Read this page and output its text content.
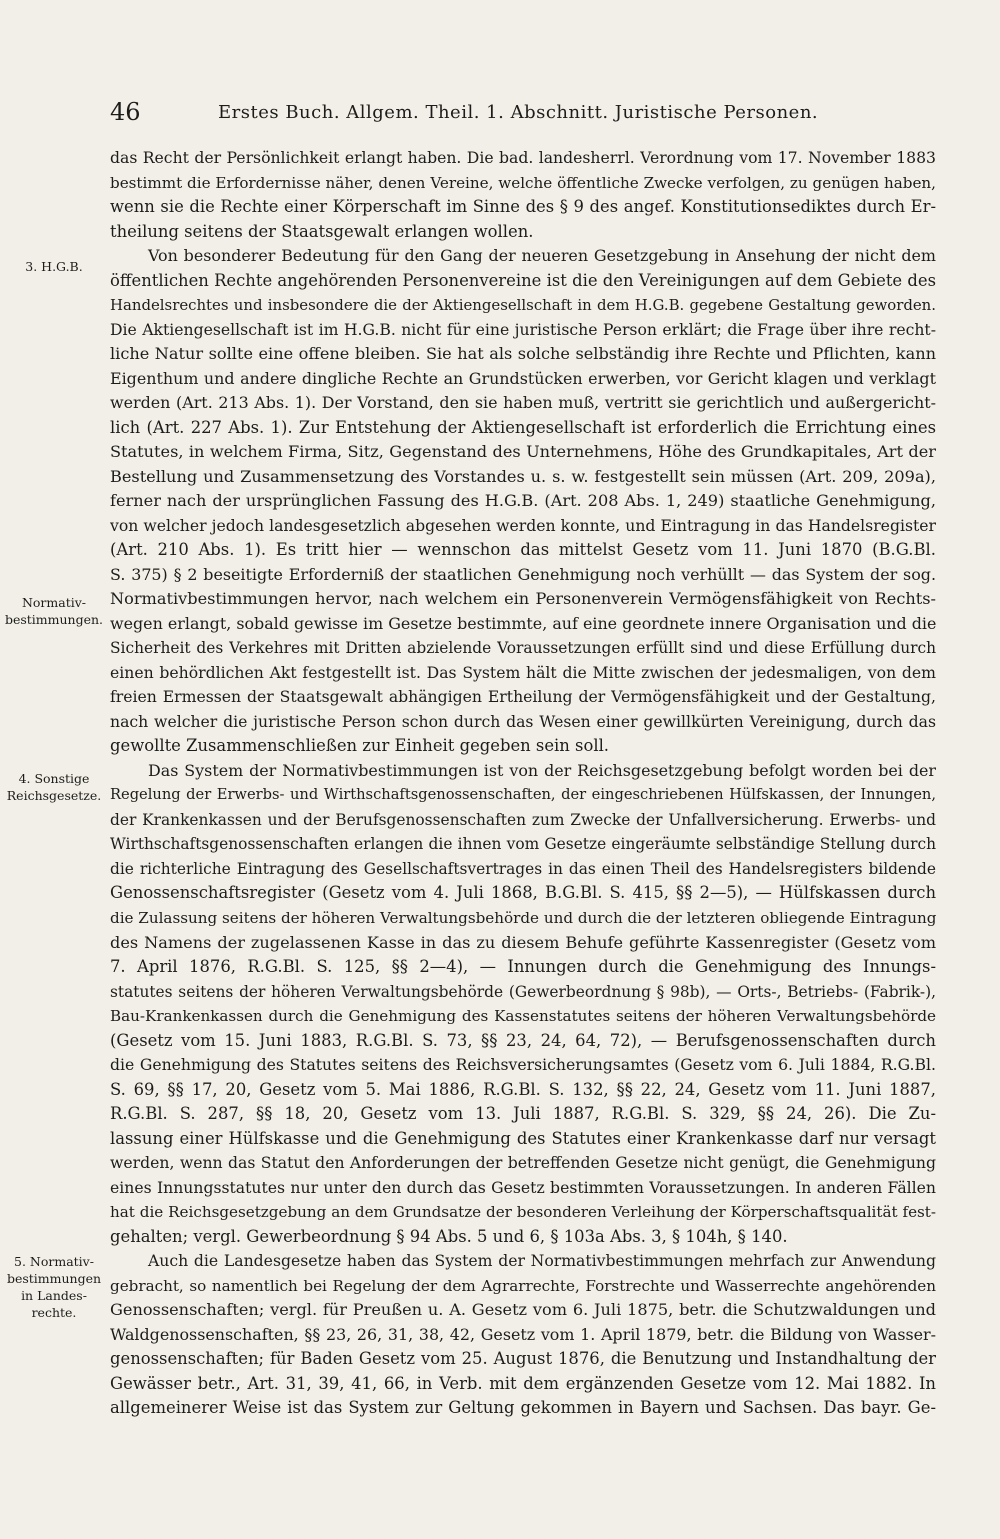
46	Erstes Buch. Allgem. Theil. 1. Abschnitt. Juristische Personen.
3. H.G.B.
Normativ-bestimmungen.
4. Sonstige Reichsgesetze.
5. Normativ-bestimmungen in Landes-rechte.
das Recht der Persönlichkeit erlangt haben. Die bad. landesherrl. Verordnung vom 17. November 1883
bestimmt die Erfordernisse näher, denen Vereine, welche öffentliche Zwecke verfolgen, zu genügen haben,
wenn sie die Rechte einer Körperschaft im Sinne des § 9 des angef. Konstitutionsediktes durch Er-
theilung seitens der Staatsgewalt erlangen wollen.
Von besonderer Bedeutung für den Gang der neueren Gesetzgebung in Ansehung der nicht dem
öffentlichen Rechte angehörenden Personenvereine ist die den Vereinigungen auf dem Gebiete des
Handelsrechtes und insbesondere die der Aktiengesellschaft in dem H.G.B. gegebene Gestaltung geworden.
Die Aktiengesellschaft ist im H.G.B. nicht für eine juristische Person erklärt; die Frage über ihre recht-
liche Natur sollte eine offene bleiben. Sie hat als solche selbständig ihre Rechte und Pflichten, kann
Eigenthum und andere dingliche Rechte an Grundstücken erwerben, vor Gericht klagen und verklagt
werden (Art. 213 Abs. 1). Der Vorstand, den sie haben muß, vertritt sie gerichtlich und außergericht-
lich (Art. 227 Abs. 1). Zur Entstehung der Aktiengesellschaft ist erforderlich die Errichtung eines
Statutes, in welchem Firma, Sitz, Gegenstand des Unternehmens, Höhe des Grundkapitales, Art der
Bestellung und Zusammensetzung des Vorstandes u. s. w. festgestellt sein müssen (Art. 209, 209a),
ferner nach der ursprünglichen Fassung des H.G.B. (Art. 208 Abs. 1, 249) staatliche Genehmigung,
von welcher jedoch landesgesetzlich abgesehen werden konnte, und Eintragung in das Handelsregister
(Art. 210 Abs. 1). Es tritt hier — wennschon das mittelst Gesetz vom 11. Juni 1870 (B.G.Bl.
S. 375) § 2 beseitigte Erforderniß der staatlichen Genehmigung noch verhüllt — das System der sog.
Normativbestimmungen hervor, nach welchem ein Personenverein Vermögensfähigkeit von Rechts-
wegen erlangt, sobald gewisse im Gesetze bestimmte, auf eine geordnete innere Organisation und die
Sicherheit des Verkehres mit Dritten abzielende Voraussetzungen erfüllt sind und diese Erfüllung durch
einen behördlichen Akt festgestellt ist. Das System hält die Mitte zwischen der jedesmaligen, von dem
freien Ermessen der Staatsgewalt abhängigen Ertheilung der Vermögensfähigkeit und der Gestaltung,
nach welcher die juristische Person schon durch das Wesen einer gewillkürten Vereinigung, durch das
gewollte Zusammenschließen zur Einheit gegeben sein soll.
Das System der Normativbestimmungen ist von der Reichsgesetzgebung befolgt worden bei der
Regelung der Erwerbs- und Wirthschaftsgenossenschaften, der eingeschriebenen Hülfskassen, der Innungen,
der Krankenkassen und der Berufsgenossenschaften zum Zwecke der Unfallversicherung. Erwerbs- und
Wirthschaftsgenossenschaften erlangen die ihnen vom Gesetze eingeräumte selbständige Stellung durch
die richterliche Eintragung des Gesellschaftsvertrages in das einen Theil des Handelsregisters bildende
Genossenschaftsregister (Gesetz vom 4. Juli 1868, B.G.Bl. S. 415, §§ 2—5), — Hülfskassen durch
die Zulassung seitens der höheren Verwaltungsbehörde und durch die der letzteren obliegende Eintragung
des Namens der zugelassenen Kasse in das zu diesem Behufe geführte Kassenregister (Gesetz vom
7. April 1876, R.G.Bl. S. 125, §§ 2—4), — Innungen durch die Genehmigung des Innungs-
statutes seitens der höheren Verwaltungsbehörde (Gewerbeordnung § 98b), — Orts-, Betriebs- (Fabrik-),
Bau-Krankenkassen durch die Genehmigung des Kassenstatutes seitens der höheren Verwaltungsbehörde
(Gesetz vom 15. Juni 1883, R.G.Bl. S. 73, §§ 23, 24, 64, 72), — Berufsgenossenschaften durch
die Genehmigung des Statutes seitens des Reichsversicherungsamtes (Gesetz vom 6. Juli 1884, R.G.Bl.
S. 69, §§ 17, 20, Gesetz vom 5. Mai 1886, R.G.Bl. S. 132, §§ 22, 24, Gesetz vom 11. Juni 1887,
R.G.Bl. S. 287, §§ 18, 20, Gesetz vom 13. Juli 1887, R.G.Bl. S. 329, §§ 24, 26). Die Zu-
lassung einer Hülfskasse und die Genehmigung des Statutes einer Krankenkasse darf nur versagt
werden, wenn das Statut den Anforderungen der betreffenden Gesetze nicht genügt, die Genehmigung
eines Innungsstatutes nur unter den durch das Gesetz bestimmten Voraussetzungen. In anderen Fällen
hat die Reichsgesetzgebung an dem Grundsatze der besonderen Verleihung der Körperschaftsqualität fest-
gehalten; vergl. Gewerbeordnung § 94 Abs. 5 und 6, § 103a Abs. 3, § 104h, § 140.
Auch die Landesgesetze haben das System der Normativbestimmungen mehrfach zur Anwendung
gebracht, so namentlich bei Regelung der dem Agrarrechte, Forstrechte und Wasserrechte angehörenden
Genossenschaften; vergl. für Preußen u. A. Gesetz vom 6. Juli 1875, betr. die Schutzwaldungen und
Waldgenossenschaften, §§ 23, 26, 31, 38, 42, Gesetz vom 1. April 1879, betr. die Bildung von Wasser-
genossenschaften; für Baden Gesetz vom 25. August 1876, die Benutzung und Instandhaltung der
Gewässer betr., Art. 31, 39, 41, 66, in Verb. mit dem ergänzenden Gesetze vom 12. Mai 1882. In
allgemeinerer Weise ist das System zur Geltung gekommen in Bayern und Sachsen. Das bayr. Ge-
